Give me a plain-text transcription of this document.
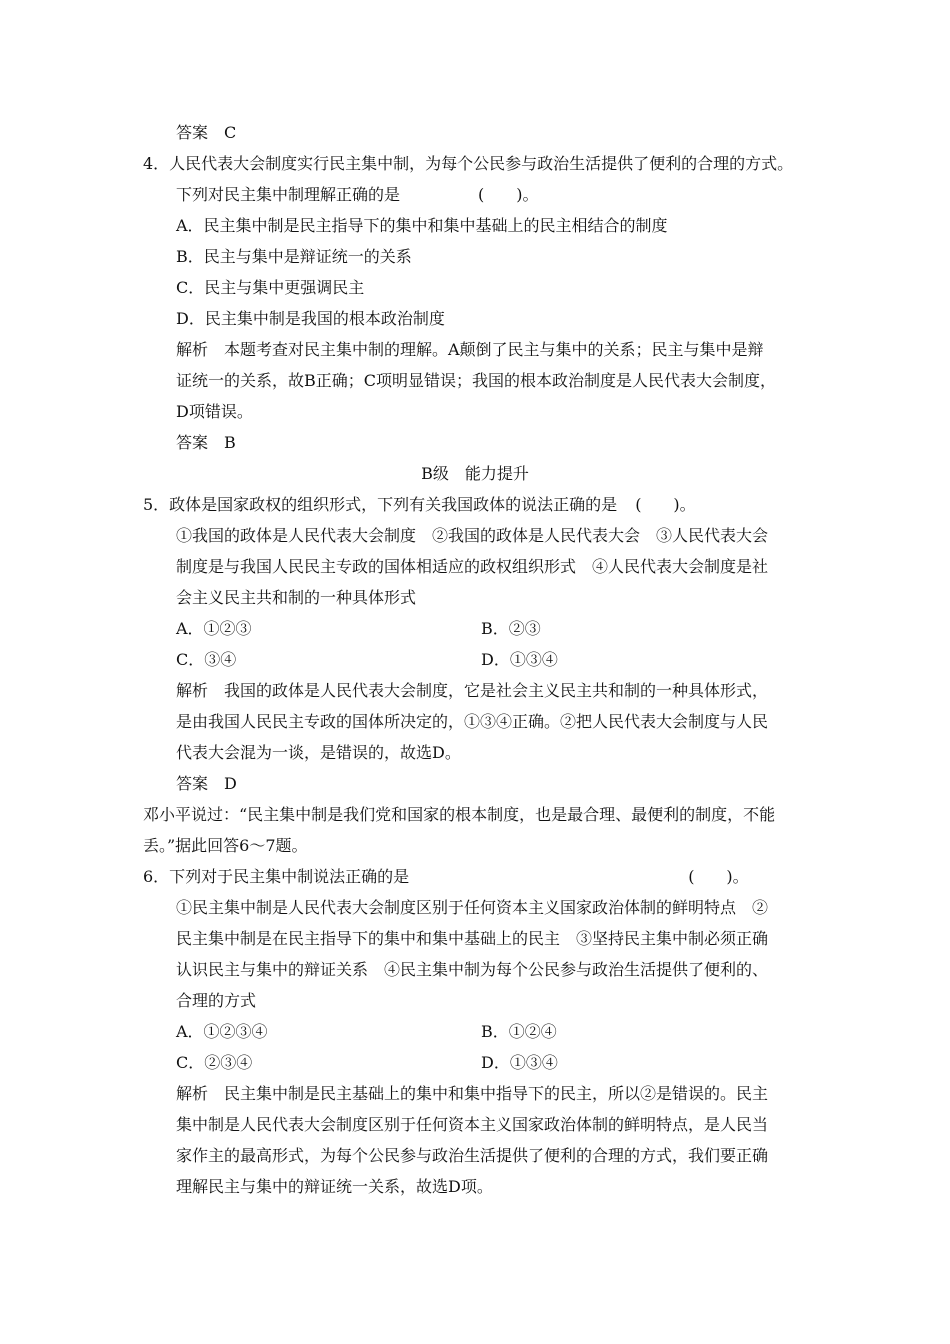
答案　C
4．人民代表大会制度实行民主集中制，为每个公民参与政治生活提供了便利的合理的方式。
下列对民主集中制理解正确的是	(　　)。
A．民主集中制是民主指导下的集中和集中基础上的民主相结合的制度
B．民主与集中是辩证统一的关系
C．民主与集中更强调民主
D．民主集中制是我国的根本政治制度
解析　本题考查对民主集中制的理解。A颠倒了民主与集中的关系；民主与集中是辩
证统一的关系，故B正确；C项明显错误；我国的根本政治制度是人民代表大会制度，
D项错误。
答案　B
B级　能力提升
5．政体是国家政权的组织形式，下列有关我国政体的说法正确的是 (　　)。
①我国的政体是人民代表大会制度　②我国的政体是人民代表大会　③人民代表大会
制度是与我国人民民主专政的国体相适应的政权组织形式　④人民代表大会制度是社
会主义民主共和制的一种具体形式
A．①②③	B．②③
C．③④	D．①③④
解析　我国的政体是人民代表大会制度，它是社会主义民主共和制的一种具体形式，
是由我国人民民主专政的国体所决定的，①③④正确。②把人民代表大会制度与人民
代表大会混为一谈，是错误的，故选D。
答案　D
邓小平说过：“民主集中制是我们党和国家的根本制度，也是最合理、最便利的制度，不能
丢。”据此回答6～7题。
6．下列对于民主集中制说法正确的是	(　　)。
①民主集中制是人民代表大会制度区别于任何资本主义国家政治体制的鲜明特点　②
民主集中制是在民主指导下的集中和集中基础上的民主　③坚持民主集中制必须正确
认识民主与集中的辩证关系　④民主集中制为每个公民参与政治生活提供了便利的、
合理的方式
A．①②③④	B．①②④
C．②③④	D．①③④
解析　民主集中制是民主基础上的集中和集中指导下的民主，所以②是错误的。民主
集中制是人民代表大会制度区别于任何资本主义国家政治体制的鲜明特点，是人民当
家作主的最高形式，为每个公民参与政治生活提供了便利的合理的方式，我们要正确
理解民主与集中的辩证统一关系，故选D项。
